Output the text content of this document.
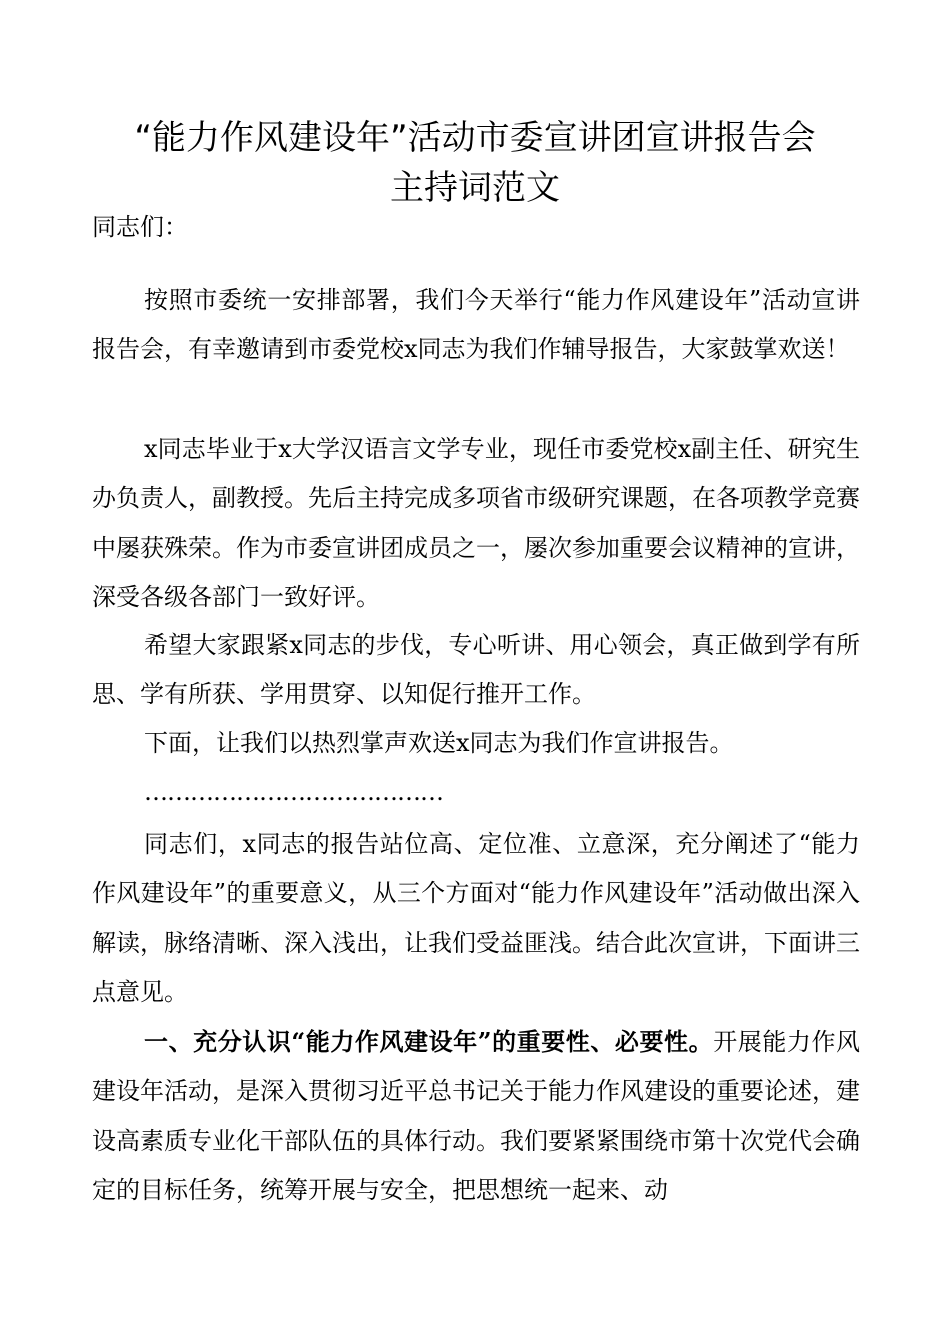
“能力作风建设年”活动市委宣讲团宣讲报告会
主持词范文
同志们：
按照市委统一安排部署，我们今天举行“能力作风建设年”活动宣讲报告会，有幸邀请到市委党校x同志为我们作辅导报告，大家鼓掌欢送！
x同志毕业于x大学汉语言文学专业，现任市委党校x副主任、研究生办负责人，副教授。先后主持完成多项省市级研究课题，在各项教学竞赛中屡获殊荣。作为市委宣讲团成员之一，屡次参加重要会议精神的宣讲，深受各级各部门一致好评。
希望大家跟紧x同志的步伐，专心听讲、用心领会，真正做到学有所思、学有所获、学用贯穿、以知促行推开工作。
下面，让我们以热烈掌声欢送x同志为我们作宣讲报告。
…………………………………
同志们，x同志的报告站位高、定位准、立意深，充分阐述了“能力作风建设年”的重要意义，从三个方面对“能力作风建设年”活动做出深入解读，脉络清晰、深入浅出，让我们受益匪浅。结合此次宣讲，下面讲三点意见。
一、充分认识“能力作风建设年”的重要性、必要性。开展能力作风建设年活动，是深入贯彻习近平总书记关于能力作风建设的重要论述，建设高素质专业化干部队伍的具体行动。我们要紧紧围绕市第十次党代会确定的目标任务，统筹开展与安全，把思想统一起来、动
